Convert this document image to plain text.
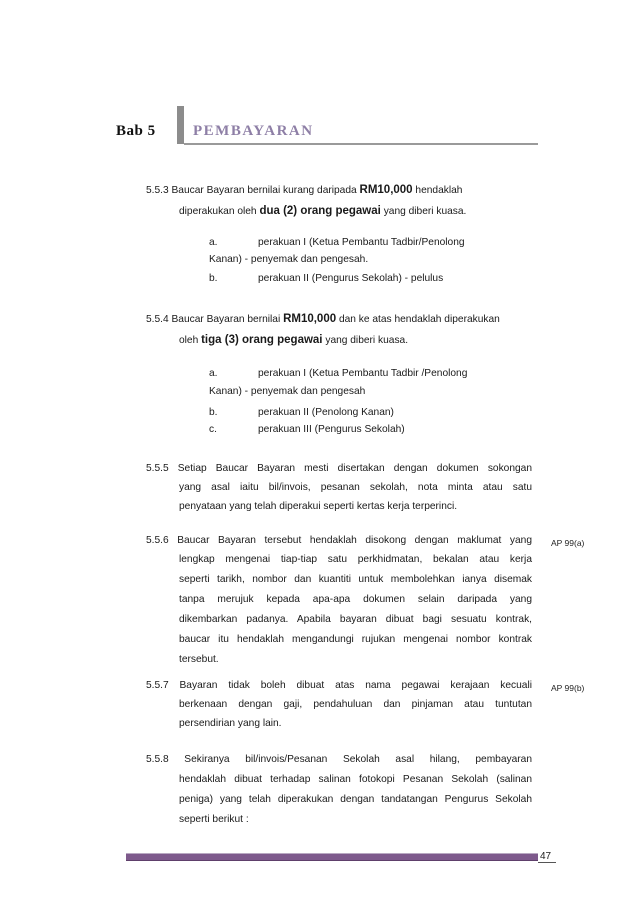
Bab 5 PEMBAYARAN
5.5.3 Baucar Bayaran bernilai kurang daripada RM10,000 hendaklah
diperakukan oleh dua (2) orang pegawai yang diberi kuasa.
a.	perakuan I (Ketua Pembantu Tadbir/Penolong
Kanan) - penyemak dan pengesah.
b.	perakuan II (Pengurus Sekolah) - pelulus
5.5.4 Baucar Bayaran bernilai RM10,000 dan ke atas hendaklah diperakukan
oleh tiga (3) orang pegawai yang diberi kuasa.
a.	perakuan I (Ketua Pembantu Tadbir /Penolong
Kanan) - penyemak dan pengesah
b.	perakuan II (Penolong Kanan)
c.	perakuan III (Pengurus Sekolah)
5.5.5 Setiap Baucar Bayaran mesti disertakan dengan dokumen sokongan
yang asal iaitu bil/invois, pesanan sekolah, nota minta atau satu
penyataan yang telah diperakui seperti kertas kerja terperinci.
5.5.6 Baucar Bayaran tersebut hendaklah disokong dengan maklumat yang
lengkap mengenai tiap-tiap satu perkhidmatan, bekalan atau kerja
seperti tarikh, nombor dan kuantiti untuk membolehkan ianya disemak
tanpa merujuk kepada apa-apa dokumen selain daripada yang
dikembarkan padanya. Apabila bayaran dibuat bagi sesuatu kontrak,
baucar itu hendaklah mengandungi rujukan mengenai nombor kontrak
tersebut.
AP 99(a)
5.5.7 Bayaran tidak boleh dibuat atas nama pegawai kerajaan kecuali
berkenaan dengan gaji, pendahuluan dan pinjaman atau tuntutan
persendirian yang lain.
AP 99(b)
5.5.8 Sekiranya bil/invois/Pesanan Sekolah asal hilang, pembayaran
hendaklah dibuat terhadap salinan fotokopi Pesanan Sekolah (salinan
peniga) yang telah diperakukan dengan tandatangan Pengurus Sekolah
seperti berikut :
47
